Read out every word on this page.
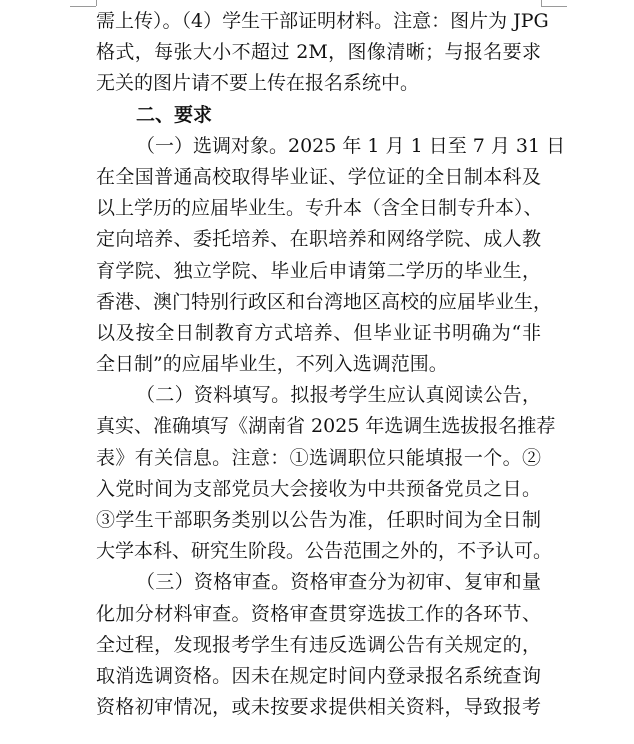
需上传）。（4）学生干部证明材料。注意：图片为 JPG
格式，每张大小不超过 2M，图像清晰；与报名要求
无关的图片请不要上传在报名系统中。
二、要求
（一）选调对象。2025 年 1 月 1 日至 7 月 31 日
在全国普通高校取得毕业证、学位证的全日制本科及
以上学历的应届毕业生。专升本（含全日制专升本）、
定向培养、委托培养、在职培养和网络学院、成人教
育学院、独立学院、毕业后申请第二学历的毕业生，
香港、澳门特别行政区和台湾地区高校的应届毕业生，
以及按全日制教育方式培养、但毕业证书明确为“非
全日制”的应届毕业生，不列入选调范围。
（二）资料填写。拟报考学生应认真阅读公告，
真实、准确填写《湖南省 2025 年选调生选拔报名推荐
表》有关信息。注意：①选调职位只能填报一个。②
入党时间为支部党员大会接收为中共预备党员之日。
③学生干部职务类别以公告为准，任职时间为全日制
大学本科、研究生阶段。公告范围之外的，不予认可。
（三）资格审查。资格审查分为初审、复审和量
化加分材料审查。资格审查贯穿选拔工作的各环节、
全过程，发现报考学生有违反选调公告有关规定的，
取消选调资格。因未在规定时间内登录报名系统查询
资格初审情况，或未按要求提供相关资料，导致报考
